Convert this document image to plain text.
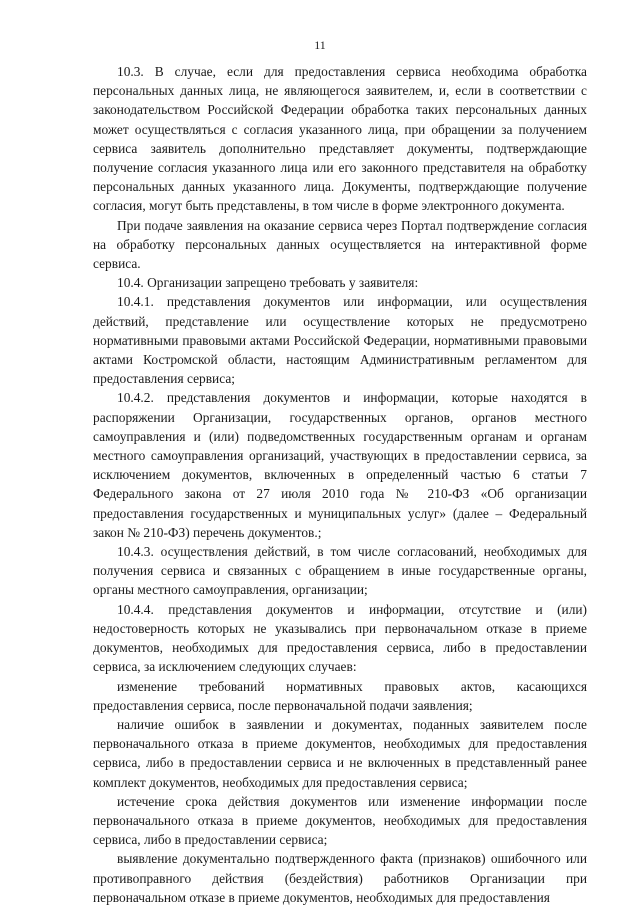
11

10.3. В случае, если для предоставления сервиса необходима обработка персональных данных лица, не являющегося заявителем, и, если в соответствии с законодательством Российской Федерации обработка таких персональных данных может осуществляться с согласия указанного лица, при обращении за получением сервиса заявитель дополнительно представляет документы, подтверждающие получение согласия указанного лица или его законного представителя на обработку персональных данных указанного лица. Документы, подтверждающие получение согласия, могут быть представлены, в том числе в форме электронного документа.

При подаче заявления на оказание сервиса через Портал подтверждение согласия на обработку персональных данных осуществляется на интерактивной форме сервиса.

10.4. Организации запрещено требовать у заявителя:

10.4.1. представления документов или информации, или осуществления действий, представление или осуществление которых не предусмотрено нормативными правовыми актами Российской Федерации, нормативными правовыми актами Костромской области, настоящим Административным регламентом для предоставления сервиса;

10.4.2. представления документов и информации, которые находятся в распоряжении Организации, государственных органов, органов местного самоуправления и (или) подведомственных государственным органам и органам местного самоуправления организаций, участвующих в предоставлении сервиса, за исключением документов, включенных в определенный частью 6 статьи 7 Федерального закона от 27 июля 2010 года № 210-ФЗ «Об организации предоставления государственных и муниципальных услуг» (далее – Федеральный закон № 210-ФЗ) перечень документов.;

10.4.3. осуществления действий, в том числе согласований, необходимых для получения сервиса и связанных с обращением в иные государственные органы, органы местного самоуправления, организации;

10.4.4. представления документов и информации, отсутствие и (или) недостоверность которых не указывались при первоначальном отказе в приеме документов, необходимых для предоставления сервиса, либо в предоставлении сервиса, за исключением следующих случаев:

изменение требований нормативных правовых актов, касающихся предоставления сервиса, после первоначальной подачи заявления;

наличие ошибок в заявлении и документах, поданных заявителем после первоначального отказа в приеме документов, необходимых для предоставления сервиса, либо в предоставлении сервиса и не включенных в представленный ранее комплект документов, необходимых для предоставления сервиса;

истечение срока действия документов или изменение информации после первоначального отказа в приеме документов, необходимых для предоставления сервиса, либо в предоставлении сервиса;

выявление документально подтвержденного факта (признаков) ошибочного или противоправного действия (бездействия) работников Организации при первоначальном отказе в приеме документов, необходимых для предоставления
